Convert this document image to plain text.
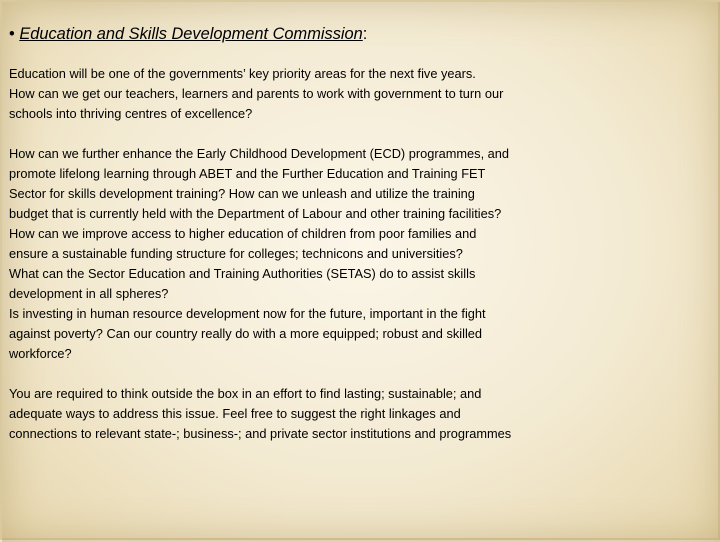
• Education and Skills Development Commission:

Education will be one of the governments’ key priority areas for the next five years.
How can we get our teachers, learners and parents to work with government to turn our
schools into thriving centres of excellence?

How can we further enhance the Early Childhood Development (ECD) programmes, and
promote lifelong learning through ABET and the Further Education and Training FET
Sector for skills development training? How can we unleash and utilize the training
budget that is currently held with the Department of Labour and other training facilities?
How can we improve access to higher education of children from poor families and
ensure a sustainable funding structure for colleges; technicons and universities?
What can the Sector Education and Training Authorities (SETAS) do to assist skills
development in all spheres?
Is investing in human resource development now for the future, important in the fight
against poverty? Can our country really do with a more equipped; robust and skilled
workforce?

You are required to think outside the box in an effort to find lasting; sustainable; and
adequate ways to address this issue. Feel free to suggest the right linkages and
connections to relevant state-; business-; and private sector institutions and programmes
